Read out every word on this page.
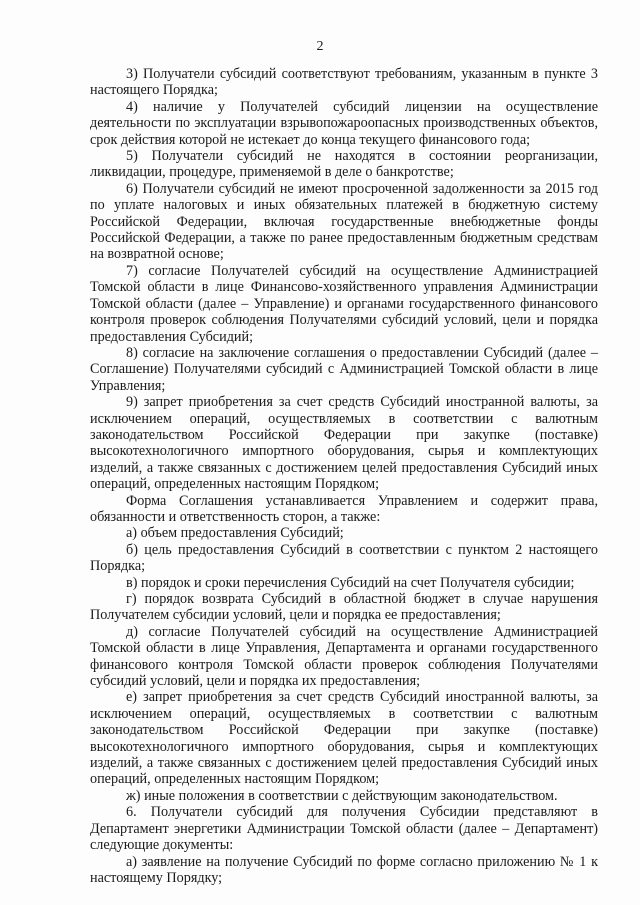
2

3) Получатели субсидий соответствуют требованиям, указанным в пункте 3 настоящего Порядка;

4) наличие у Получателей субсидий лицензии на осуществление деятельности по эксплуатации взрывопожароопасных производственных объектов, срок действия которой не истекает до конца текущего финансового года;

5) Получатели субсидий не находятся в состоянии реорганизации, ликвидации, процедуре, применяемой в деле о банкротстве;

6) Получатели субсидий не имеют просроченной задолженности за 2015 год по уплате налоговых и иных обязательных платежей в бюджетную систему Российской Федерации, включая государственные внебюджетные фонды Российской Федерации, а также по ранее предоставленным бюджетным средствам на возвратной основе;

7) согласие Получателей субсидий на осуществление Администрацией Томской области в лице Финансово-хозяйственного управления Администрации Томской области (далее – Управление) и органами государственного финансового контроля проверок соблюдения Получателями субсидий условий, цели и порядка предоставления Субсидий;

8) согласие на заключение соглашения о предоставлении Субсидий (далее – Соглашение) Получателями субсидий с Администрацией Томской области в лице Управления;

9) запрет приобретения за счет средств Субсидий иностранной валюты, за исключением операций, осуществляемых в соответствии с валютным законодательством Российской Федерации при закупке (поставке) высокотехнологичного импортного оборудования, сырья и комплектующих изделий, а также связанных с достижением целей предоставления Субсидий иных операций, определенных настоящим Порядком;

Форма Соглашения устанавливается Управлением и содержит права, обязанности и ответственность сторон, а также:

а) объем предоставления Субсидий;

б) цель предоставления Субсидий в соответствии с пунктом 2 настоящего Порядка;

в) порядок и сроки перечисления Субсидий на счет Получателя субсидии;

г) порядок возврата Субсидий в областной бюджет в случае нарушения Получателем субсидии условий, цели и порядка ее предоставления;

д) согласие Получателей субсидий на осуществление Администрацией Томской области в лице Управления, Департамента и органами государственного финансового контроля Томской области проверок соблюдения Получателями субсидий условий, цели и порядка их предоставления;

е) запрет приобретения за счет средств Субсидий иностранной валюты, за исключением операций, осуществляемых в соответствии с валютным законодательством Российской Федерации при закупке (поставке) высокотехнологичного импортного оборудования, сырья и комплектующих изделий, а также связанных с достижением целей предоставления Субсидий иных операций, определенных настоящим Порядком;

ж) иные положения в соответствии с действующим законодательством.

6. Получатели субсидий для получения Субсидии представляют в Департамент энергетики Администрации Томской области (далее – Департамент) следующие документы:

а) заявление на получение Субсидий по форме согласно приложению № 1 к настоящему Порядку;
